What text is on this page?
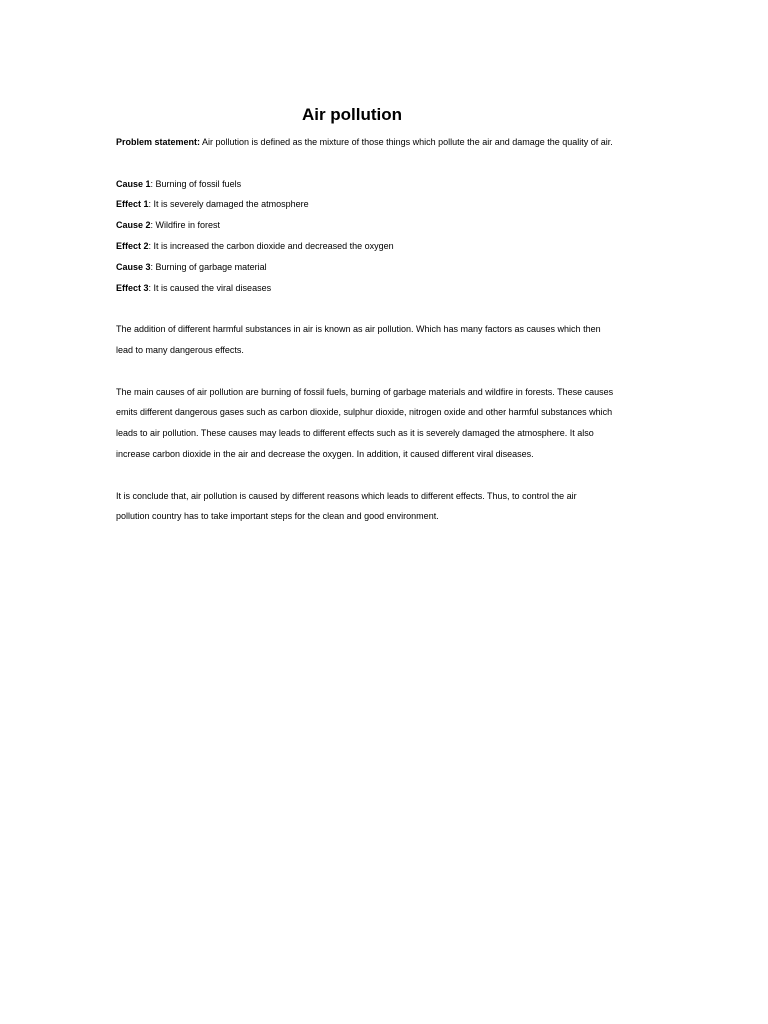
Air pollution
Problem statement: Air pollution is defined as the mixture of those things which pollute the air and damage the quality of air.
Cause 1: Burning of fossil fuels
Effect 1: It is severely damaged the atmosphere
Cause 2: Wildfire in forest
Effect 2: It is increased the carbon dioxide and decreased the oxygen
Cause 3: Burning of garbage material
Effect 3: It is caused the viral diseases
The addition of different harmful substances in air is known as air pollution. Which has many factors as causes which then
lead to many dangerous effects.
The main causes of air pollution are burning of fossil fuels, burning of garbage materials and wildfire in forests. These causes
emits different dangerous gases such as carbon dioxide, sulphur dioxide, nitrogen oxide and other harmful substances which
leads to air pollution. These causes may leads to different effects such as it is severely damaged the atmosphere. It also
increase carbon dioxide in the air and decrease the oxygen. In addition, it caused different viral diseases.
It is conclude that, air pollution is caused by different reasons which leads to different effects. Thus, to control the air
pollution country has to take important steps for the clean and good environment.
